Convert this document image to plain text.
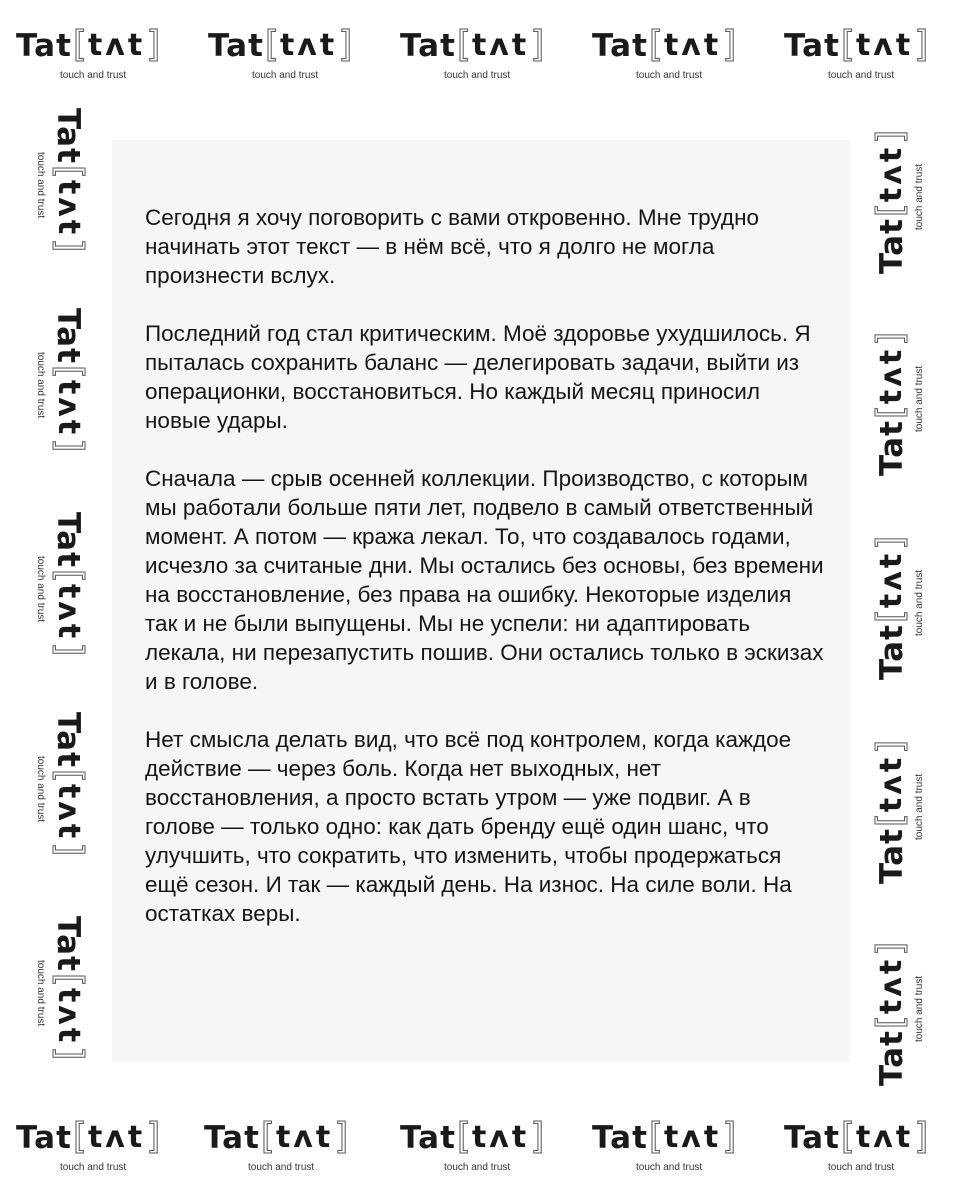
Tat [ tʌt ]
touch and trust
Tat [ tʌt ]
touch and trust
Tat [ tʌt ]
touch and trust
Tat [ tʌt ]
touch and trust
Tat [ tʌt ]
touch and trust
Tat [ tʌt ]
touch and trust
Tat [ tʌt ]
touch and trust
Tat [ tʌt ]
touch and trust
Tat [ tʌt ]
touch and trust
Tat [ tʌt ]
touch and trust
Tat
[
tʌt
]
touch and trust
Tat
[
tʌt
]
touch and trust
Tat
[
tʌt
]
touch and trust
Tat
[
tʌt
]
touch and trust
Tat
[
tʌt
]
touch and trust
Tat
[
tʌt
]
touch and trust
Tat
[
tʌt
]
touch and trust
Tat
[
tʌt
]
touch and trust
Tat
[
tʌt
]
touch and trust
Tat
[
tʌt
]
touch and trust

Сегодня я хочу поговорить с вами откровенно. Мне трудно начинать этот текст — в нём всё, что я долго не могла произнести вслух.

Последний год стал критическим. Моё здоровье ухудшилось. Я пыталась сохранить баланс — делегировать задачи, выйти из операционки, восстановиться. Но каждый месяц приносил новые удары.

Сначала — срыв осенней коллекции. Производство, с которым мы работали больше пяти лет, подвело в самый ответственный момент. А потом — кража лекал. То, что создавалось годами, исчезло за считаные дни. Мы остались без основы, без времени на восстановление, без права на ошибку. Некоторые изделия так и не были выпущены. Мы не успели: ни адаптировать лекала, ни перезапустить пошив. Они остались только в эскизах и в голове.

Нет смысла делать вид, что всё под контролем, когда каждое действие — через боль. Когда нет выходных, нет восстановления, а просто встать утром — уже подвиг. А в голове — только одно: как дать бренду ещё один шанс, что улучшить, что сократить, что изменить, чтобы продержаться ещё сезон. И так — каждый день. На износ. На силе воли. На остатках веры.
